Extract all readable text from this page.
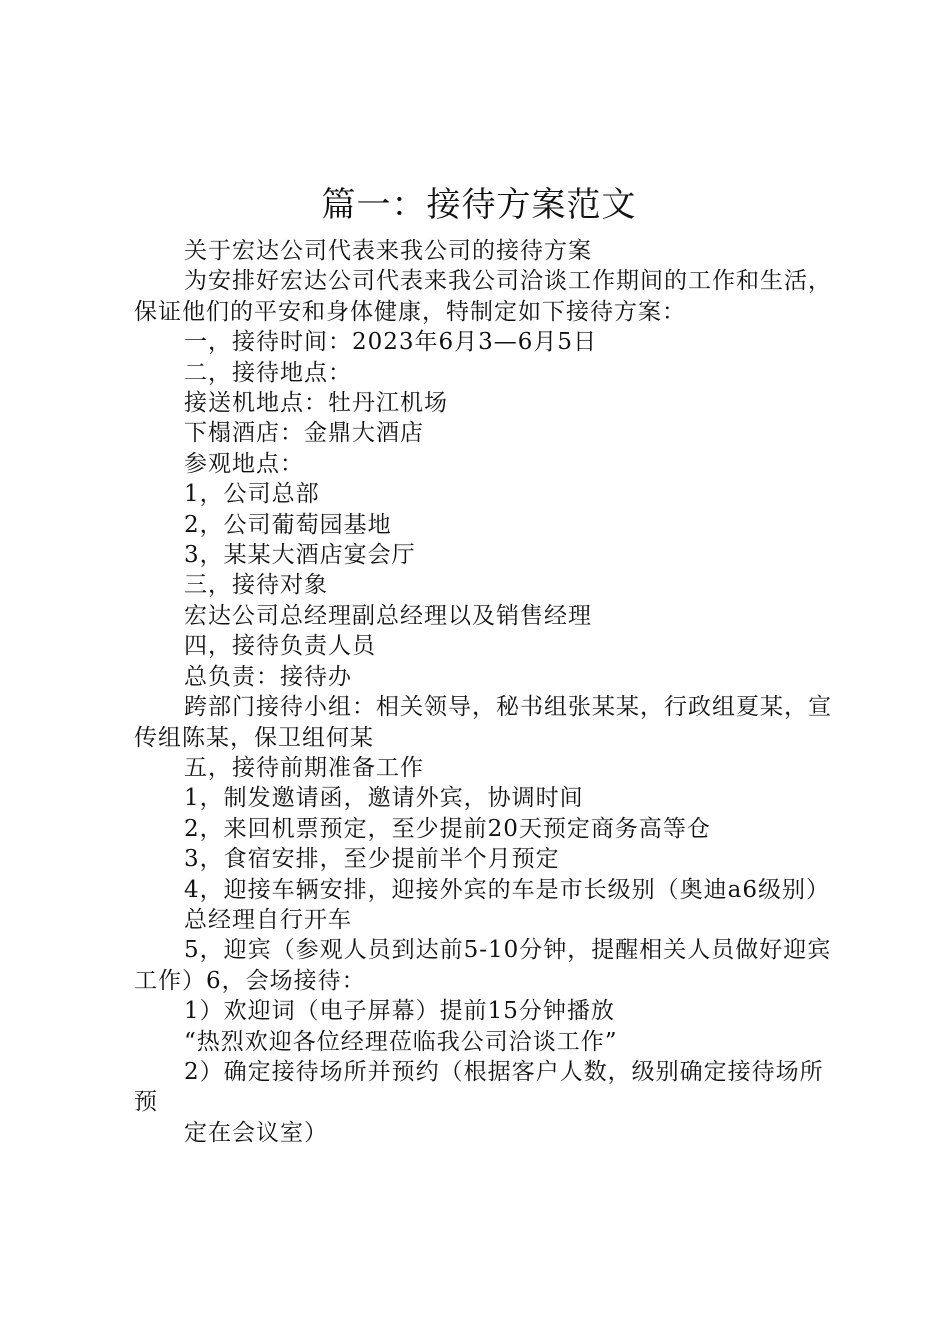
篇一：接待方案范文

关于宏达公司代表来我公司的接待方案

为安排好宏达公司代表来我公司洽谈工作期间的工作和生活，保证他们的平安和身体健康，特制定如下接待方案：

一，接待时间：2023年6月3—6月5日

二，接待地点：

接送机地点：牡丹江机场

下榻酒店：金鼎大酒店

参观地点：

1，公司总部

2，公司葡萄园基地

3，某某大酒店宴会厅

三，接待对象

宏达公司总经理副总经理以及销售经理

四，接待负责人员

总负责：接待办

跨部门接待小组：相关领导，秘书组张某某，行政组夏某，宣传组陈某，保卫组何某

五，接待前期准备工作

1，制发邀请函，邀请外宾，协调时间

2，来回机票预定，至少提前20天预定商务高等仓

3，食宿安排，至少提前半个月预定

4，迎接车辆安排，迎接外宾的车是市长级别（奥迪a6级别）

总经理自行开车

5，迎宾（参观人员到达前5-10分钟，提醒相关人员做好迎宾工作）6，会场接待：

1）欢迎词（电子屏幕）提前15分钟播放

“热烈欢迎各位经理莅临我公司洽谈工作”

2）确定接待场所并预约（根据客户人数，级别确定接待场所预

定在会议室）
